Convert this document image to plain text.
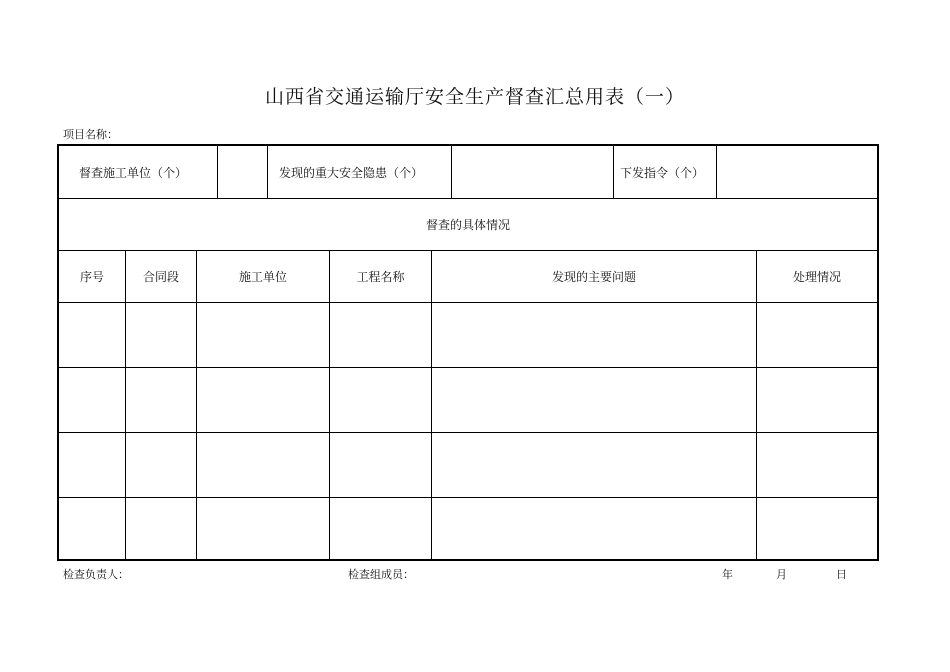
山西省交通运输厅安全生产督查汇总用表（一）
项目名称：
督查施工单位（个）	发现的重大安全隐患（个）	下发指令（个）
督查的具体情况
序号	合同段	施工单位	工程名称	发现的主要问题	处理情况
检查负责人：	检查组成员：	年	月	日
